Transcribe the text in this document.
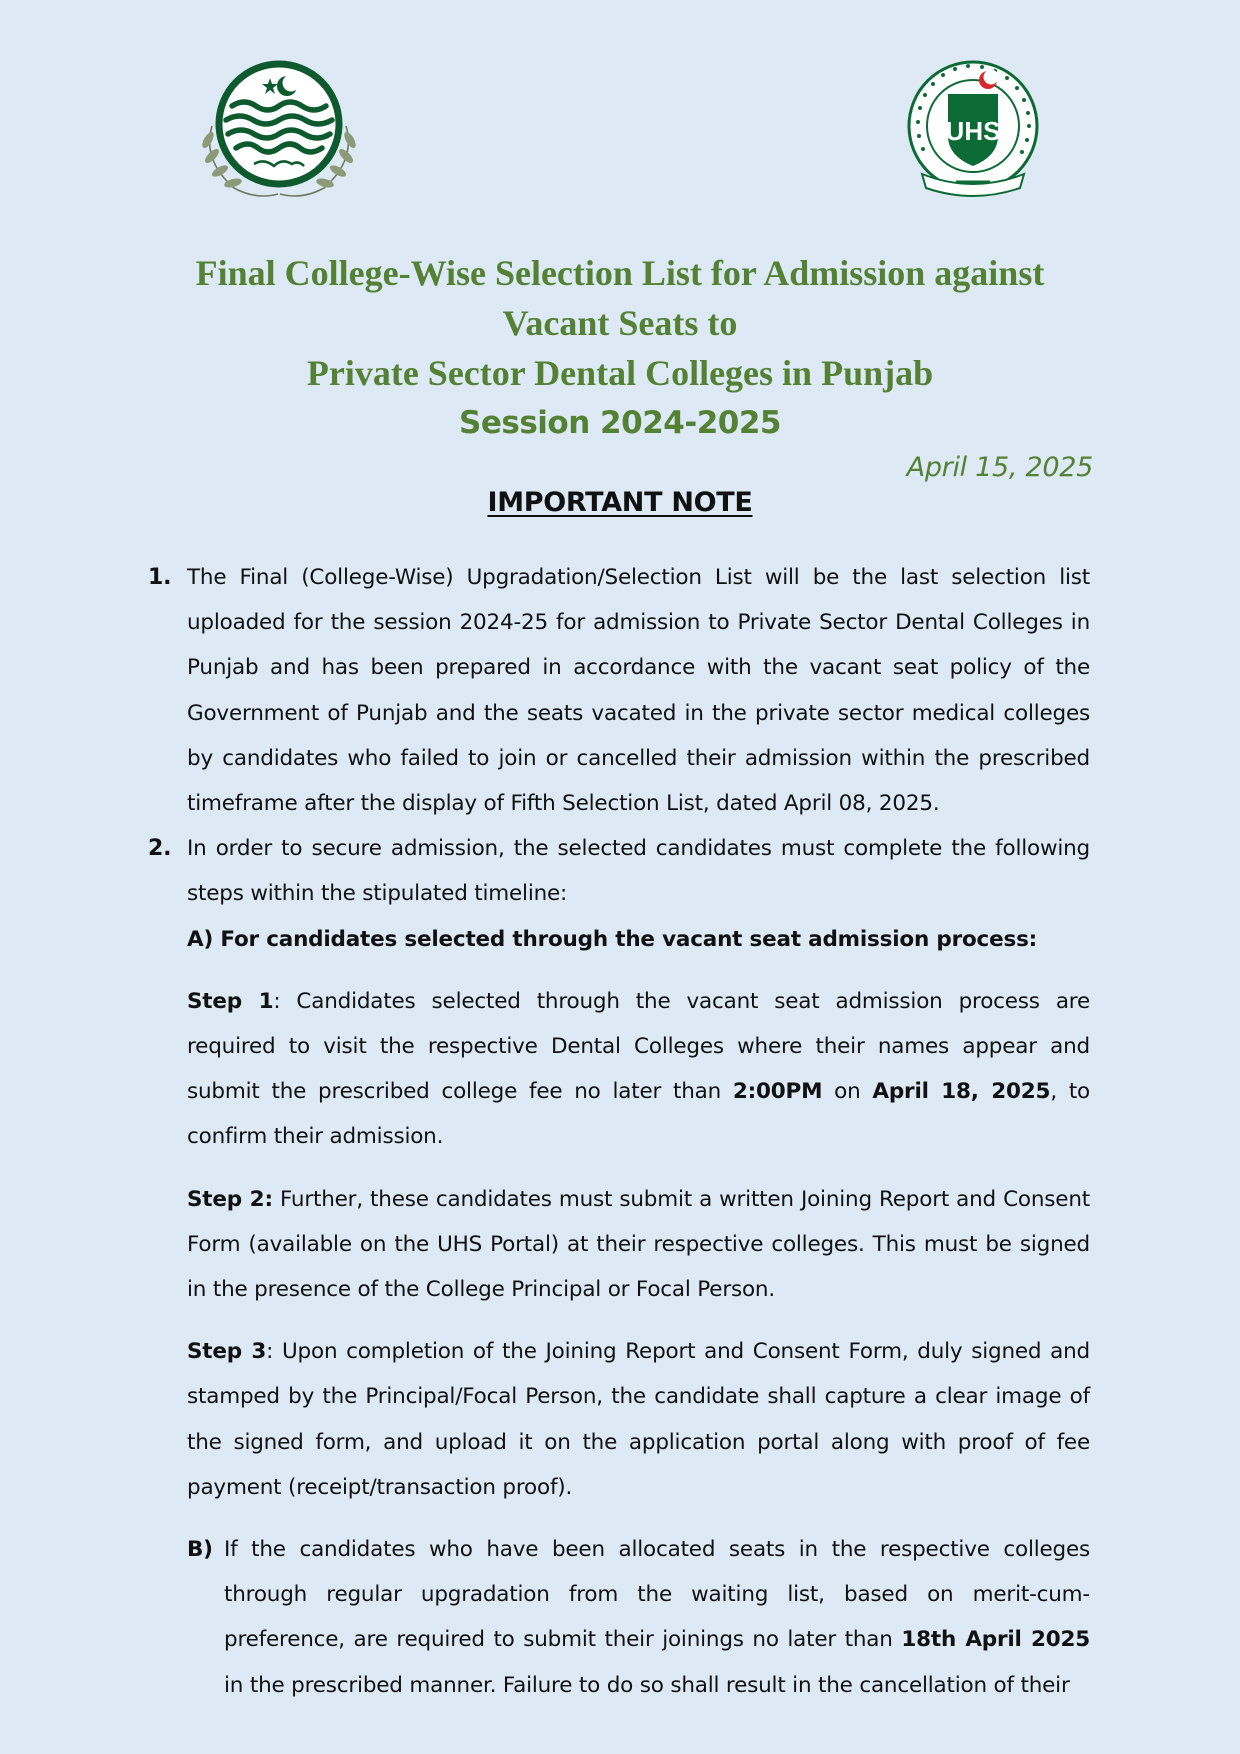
UHS
Final College-Wise Selection List for Admission against
Vacant Seats to
Private Sector Dental Colleges in Punjab
Session 2024-2025
April 15, 2025
IMPORTANT NOTE
1. The Final (College-Wise) Upgradation/Selection List will be the last selection list uploaded for the session 2024-25 for admission to Private Sector Dental Colleges in Punjab and has been prepared in accordance with the vacant seat policy of the Government of Punjab and the seats vacated in the private sector medical colleges by candidates who failed to join or cancelled their admission within the prescribed timeframe after the display of Fifth Selection List, dated April 08, 2025.
2. In order to secure admission, the selected candidates must complete the following steps within the stipulated timeline:
A) For candidates selected through the vacant seat admission process:
Step 1: Candidates selected through the vacant seat admission process are required to visit the respective Dental Colleges where their names appear and submit the prescribed college fee no later than 2:00PM on April 18, 2025, to confirm their admission.
Step 2: Further, these candidates must submit a written Joining Report and Consent Form (available on the UHS Portal) at their respective colleges. This must be signed in the presence of the College Principal or Focal Person.
Step 3: Upon completion of the Joining Report and Consent Form, duly signed and stamped by the Principal/Focal Person, the candidate shall capture a clear image of the signed form, and upload it on the application portal along with proof of fee payment (receipt/transaction proof).
B) If the candidates who have been allocated seats in the respective colleges through regular upgradation from the waiting list, based on merit-cum-preference, are required to submit their joinings no later than 18th April 2025 in the prescribed manner. Failure to do so shall result in the cancellation of their
